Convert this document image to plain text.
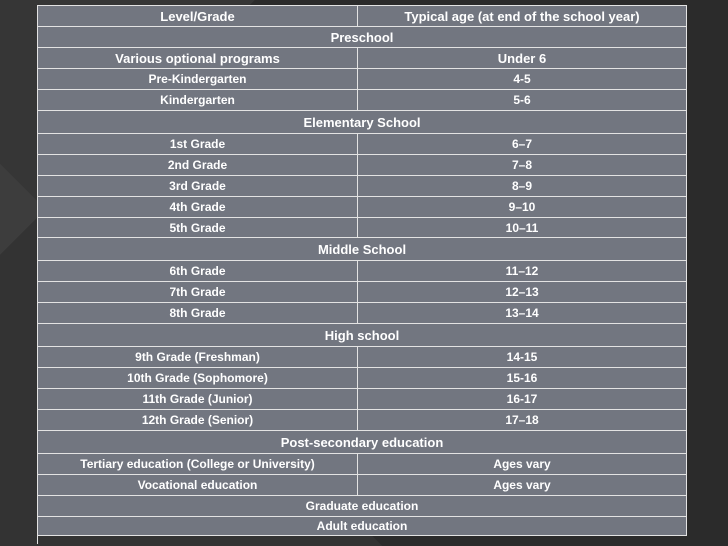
Level/Grade	Typical age (at end of the school year)
Preschool
Various optional programs	Under 6
Pre-Kindergarten	4-5
Kindergarten	5-6
Elementary School
1st Grade	6–7
2nd Grade	7–8
3rd Grade	8–9
4th Grade	9–10
5th Grade	10–11
Middle School
6th Grade	11–12
7th Grade	12–13
8th Grade	13–14
High school
9th Grade (Freshman)	14-15
10th Grade (Sophomore)	15-16
11th Grade (Junior)	16-17
12th Grade (Senior)	17–18
Post-secondary education
Tertiary education (College or University)	Ages vary
Vocational education	Ages vary
Graduate education
Adult education
